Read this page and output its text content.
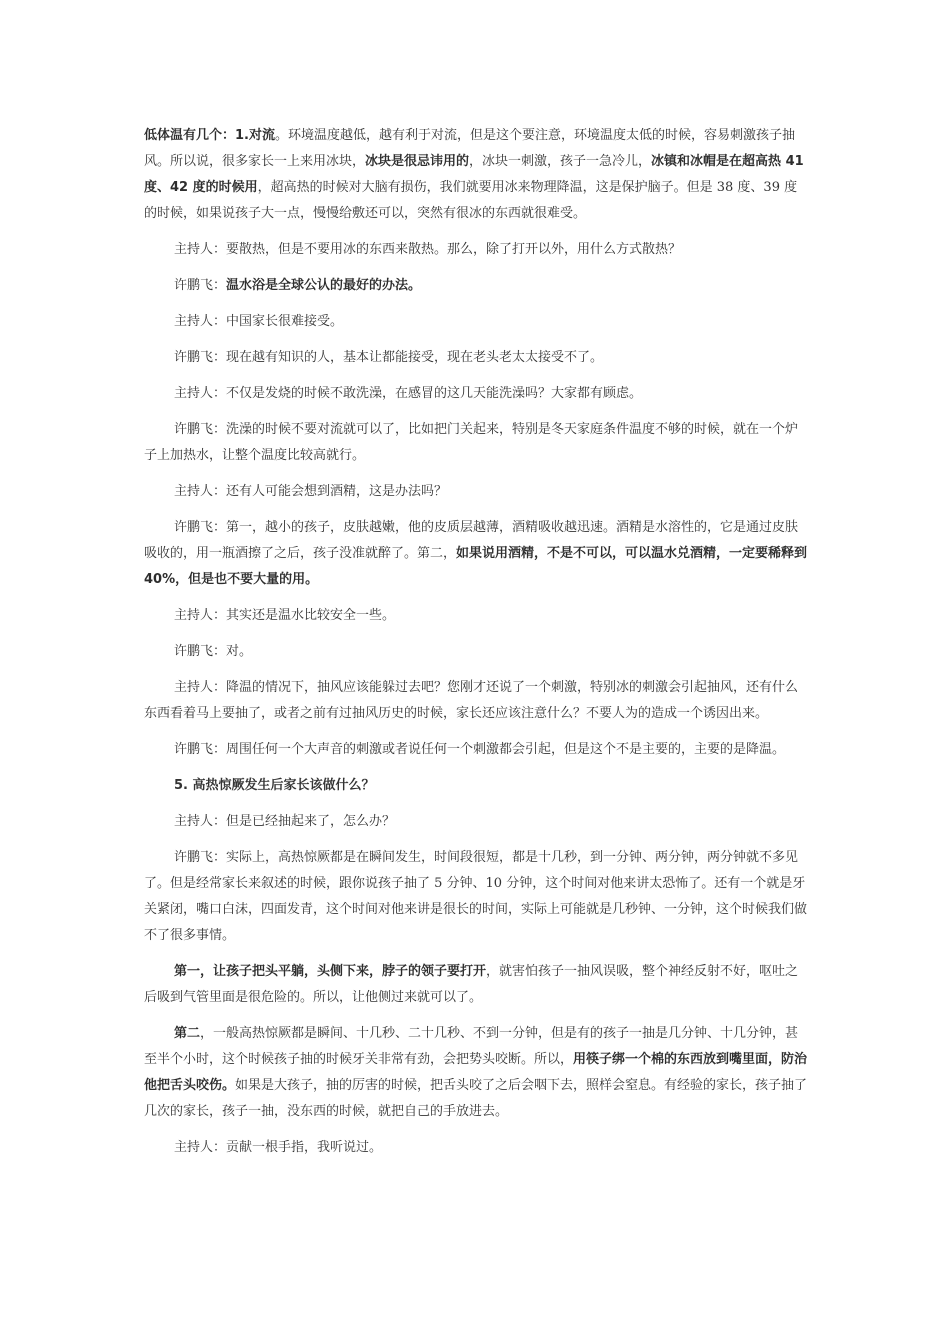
低体温有几个：1.对流。环境温度越低，越有利于对流，但是这个要注意，环境温度太低的时候，容易刺激孩子抽风。所以说，很多家长一上来用冰块，冰块是很忌讳用的，冰块一刺激，孩子一急冷儿，冰镇和冰帽是在超高热 41 度、42 度的时候用，超高热的时候对大脑有损伤，我们就要用冰来物理降温，这是保护脑子。但是 38 度、39 度的时候，如果说孩子大一点，慢慢给敷还可以，突然有很冰的东西就很难受。

主持人：要散热，但是不要用冰的东西来散热。那么，除了打开以外，用什么方式散热？

许鹏飞：温水浴是全球公认的最好的办法。

主持人：中国家长很难接受。

许鹏飞：现在越有知识的人，基本让都能接受，现在老头老太太接受不了。

主持人：不仅是发烧的时候不敢洗澡，在感冒的这几天能洗澡吗？大家都有顾虑。

许鹏飞：洗澡的时候不要对流就可以了，比如把门关起来，特别是冬天家庭条件温度不够的时候，就在一个炉子上加热水，让整个温度比较高就行。

主持人：还有人可能会想到酒精，这是办法吗？

许鹏飞：第一，越小的孩子，皮肤越嫩，他的皮质层越薄，酒精吸收越迅速。酒精是水溶性的，它是通过皮肤吸收的，用一瓶酒擦了之后，孩子没准就醉了。第二，如果说用酒精，不是不可以，可以温水兑酒精，一定要稀释到 40%，但是也不要大量的用。

主持人：其实还是温水比较安全一些。

许鹏飞：对。

主持人：降温的情况下，抽风应该能躲过去吧？您刚才还说了一个刺激，特别冰的刺激会引起抽风，还有什么东西看着马上要抽了，或者之前有过抽风历史的时候，家长还应该注意什么？不要人为的造成一个诱因出来。

许鹏飞：周围任何一个大声音的刺激或者说任何一个刺激都会引起，但是这个不是主要的，主要的是降温。

5. 高热惊厥发生后家长该做什么？

主持人：但是已经抽起来了，怎么办？

许鹏飞：实际上，高热惊厥都是在瞬间发生，时间段很短，都是十几秒，到一分钟、两分钟，两分钟就不多见了。但是经常家长来叙述的时候，跟你说孩子抽了 5 分钟、10 分钟，这个时间对他来讲太恐怖了。还有一个就是牙关紧闭，嘴口白沫，四面发青，这个时间对他来讲是很长的时间，实际上可能就是几秒钟、一分钟，这个时候我们做不了很多事情。

第一，让孩子把头平躺，头侧下来，脖子的领子要打开，就害怕孩子一抽风误吸，整个神经反射不好，呕吐之后吸到气管里面是很危险的。所以，让他侧过来就可以了。

第二，一般高热惊厥都是瞬间、十几秒、二十几秒、不到一分钟，但是有的孩子一抽是几分钟、十几分钟，甚至半个小时，这个时候孩子抽的时候牙关非常有劲，会把势头咬断。所以，用筷子绑一个棉的东西放到嘴里面，防治他把舌头咬伤。如果是大孩子，抽的厉害的时候，把舌头咬了之后会咽下去，照样会窒息。有经验的家长，孩子抽了几次的家长，孩子一抽，没东西的时候，就把自己的手放进去。

主持人：贡献一根手指，我听说过。
